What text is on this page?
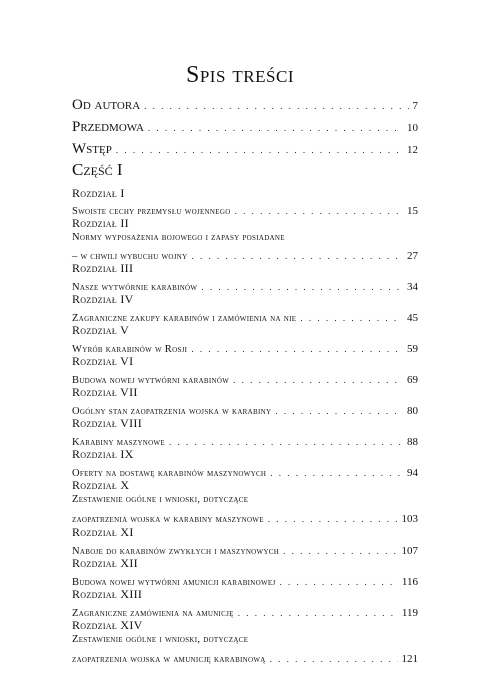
Spis treści
Od autora . . .	7
Przedmowa . . .	10
Wstęp . . .	12
Część I
Rozdział I
Swoiste cechy przemysłu wojennego . . .	15
Rozdział II
Normy wyposażenia bojowego i zapasy posiadane
– w chwili wybuchu wojny . . .	27
Rozdział III
Nasze wytwórnie karabinów . . .	34
Rozdział IV
Zagraniczne zakupy karabinów i zamówienia na nie . . .	45
Rozdział V
Wyrób karabinów w Rosji . . .	59
Rozdział VI
Budowa nowej wytwórni karabinów . . .	69
Rozdział VII
Ogólny stan zaopatrzenia wojska w karabiny . . .	80
Rozdział VIII
Karabiny maszynowe . . .	88
Rozdział IX
Oferty na dostawę karabinów maszynowych . . .	94
Rozdział X
Zestawienie ogólne i wnioski, dotyczące
zaopatrzenia wojska w karabiny maszynowe . . .	103
Rozdział XI
Naboje do karabinów zwykłych i maszynowych . . .	107
Rozdział XII
Budowa nowej wytwórni amunicji karabinowej . . .	116
Rozdział XIII
Zagraniczne zamówienia na amunicję . . .	119
Rozdział XIV
Zestawienie ogólne i wnioski, dotyczące
zaopatrzenia wojska w amunicję karabinową . . .	121
